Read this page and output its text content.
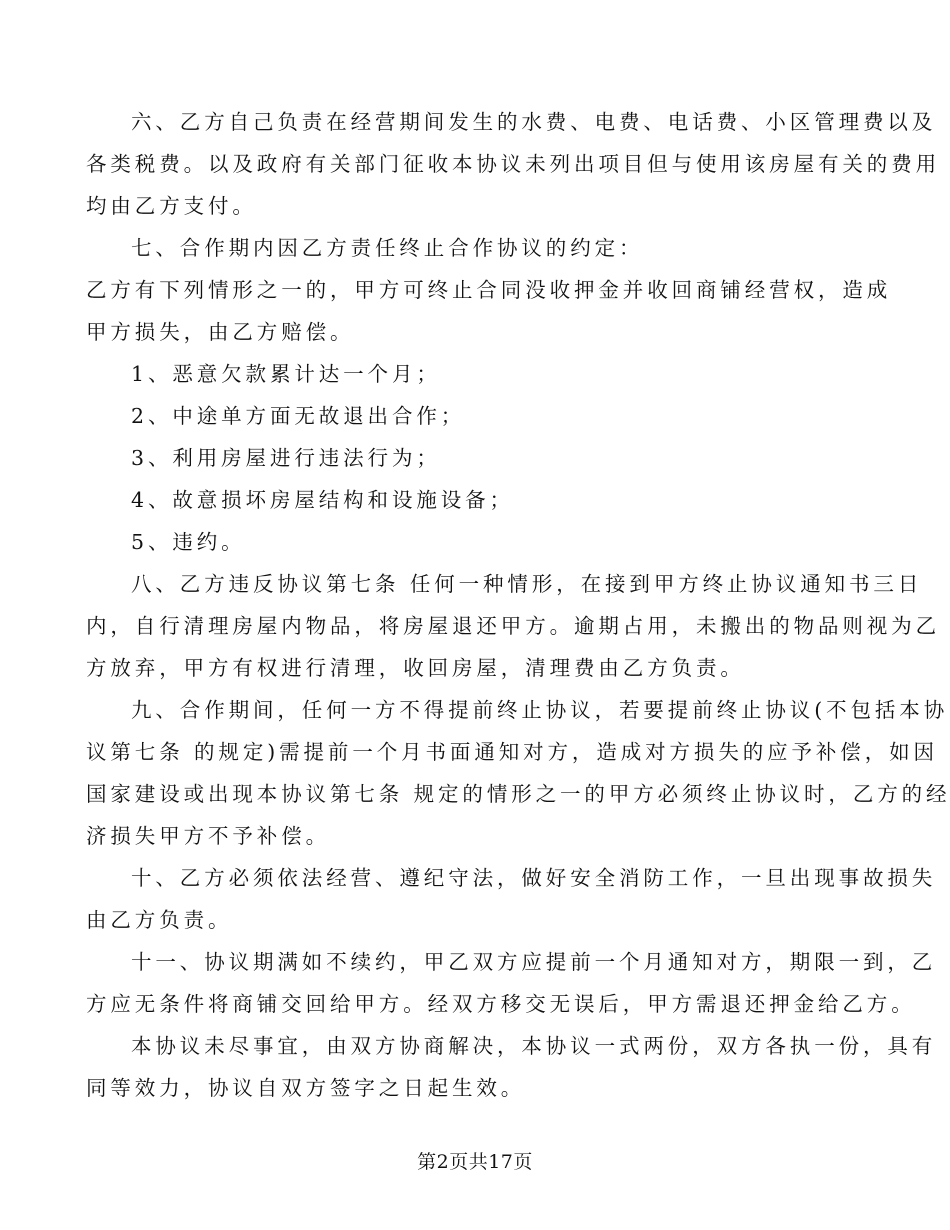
六、乙方自己负责在经营期间发生的水费、电费、电话费、小区管理费以及
各类税费。以及政府有关部门征收本协议未列出项目但与使用该房屋有关的费用
均由乙方支付。
七、合作期内因乙方责任终止合作协议的约定：
乙方有下列情形之一的，甲方可终止合同没收押金并收回商铺经营权，造成
甲方损失，由乙方赔偿。
1、恶意欠款累计达一个月；
2、中途单方面无故退出合作；
3、利用房屋进行违法行为；
4、故意损坏房屋结构和设施设备；
5、违约。
八、乙方违反协议第七条 任何一种情形，在接到甲方终止协议通知书三日
内，自行清理房屋内物品，将房屋退还甲方。逾期占用，未搬出的物品则视为乙
方放弃，甲方有权进行清理，收回房屋，清理费由乙方负责。
九、合作期间，任何一方不得提前终止协议，若要提前终止协议(不包括本协
议第七条 的规定)需提前一个月书面通知对方，造成对方损失的应予补偿，如因
国家建设或出现本协议第七条 规定的情形之一的甲方必须终止协议时，乙方的经
济损失甲方不予补偿。
十、乙方必须依法经营、遵纪守法，做好安全消防工作，一旦出现事故损失
由乙方负责。
十一、协议期满如不续约，甲乙双方应提前一个月通知对方，期限一到，乙
方应无条件将商铺交回给甲方。经双方移交无误后，甲方需退还押金给乙方。
本协议未尽事宜，由双方协商解决，本协议一式两份，双方各执一份，具有
同等效力，协议自双方签字之日起生效。
第2页共17页
